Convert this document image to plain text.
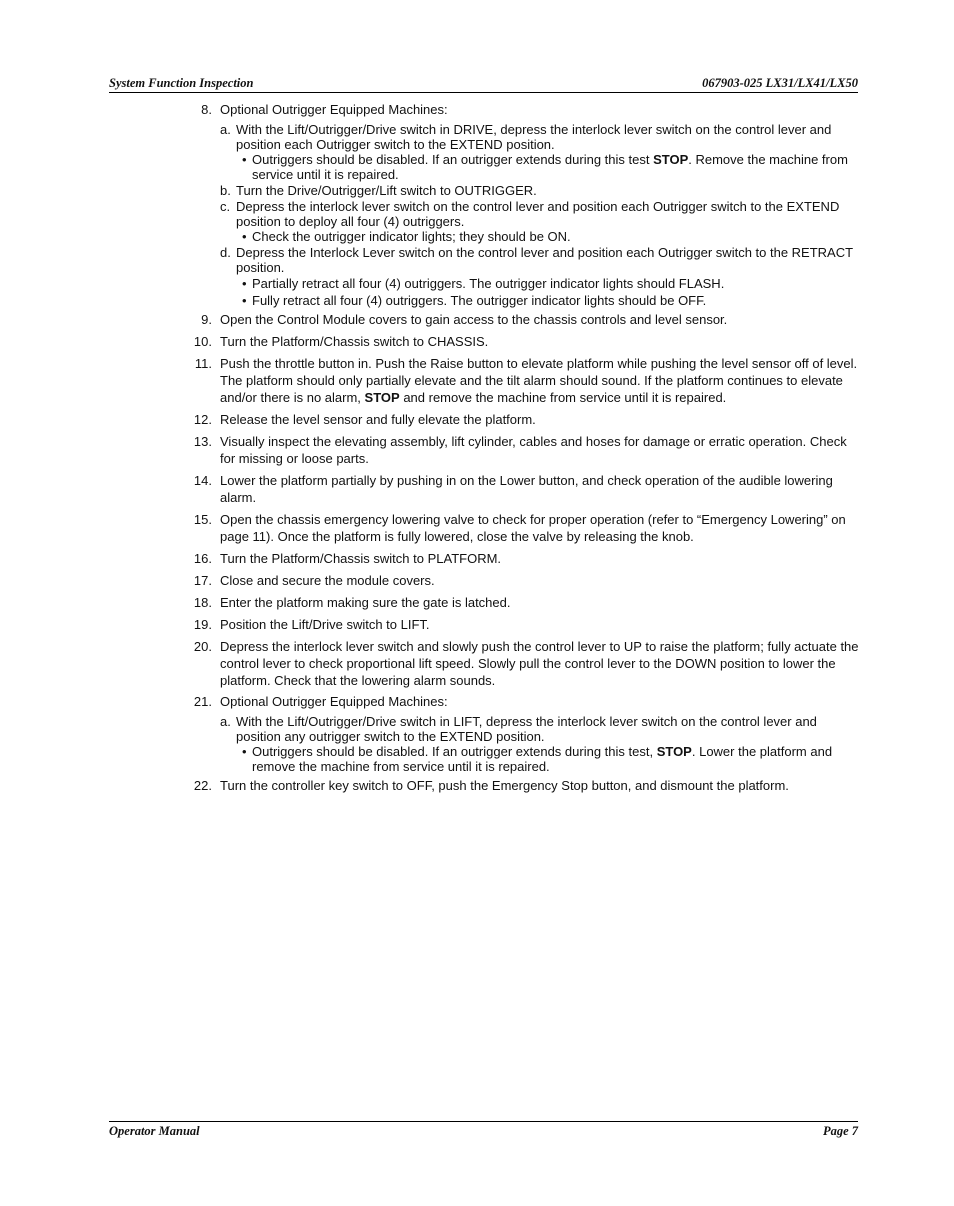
System Function Inspection	067903-025 LX31/LX41/LX50
8. Optional Outrigger Equipped Machines:
a. With the Lift/Outrigger/Drive switch in DRIVE, depress the interlock lever switch on the control lever and position each Outrigger switch to the EXTEND position.
• Outriggers should be disabled. If an outrigger extends during this test STOP. Remove the machine from service until it is repaired.
b. Turn the Drive/Outrigger/Lift switch to OUTRIGGER.
c. Depress the interlock lever switch on the control lever and position each Outrigger switch to the EXTEND position to deploy all four (4) outriggers.
• Check the outrigger indicator lights; they should be ON.
d. Depress the Interlock Lever switch on the control lever and position each Outrigger switch to the RETRACT position.
• Partially retract all four (4) outriggers. The outrigger indicator lights should FLASH.
• Fully retract all four (4) outriggers. The outrigger indicator lights should be OFF.
9. Open the Control Module covers to gain access to the chassis controls and level sensor.
10. Turn the Platform/Chassis switch to CHASSIS.
11. Push the throttle button in. Push the Raise button to elevate platform while pushing the level sensor off of level. The platform should only partially elevate and the tilt alarm should sound. If the platform continues to elevate and/or there is no alarm, STOP and remove the machine from service until it is repaired.
12. Release the level sensor and fully elevate the platform.
13. Visually inspect the elevating assembly, lift cylinder, cables and hoses for damage or erratic operation. Check for missing or loose parts.
14. Lower the platform partially by pushing in on the Lower button, and check operation of the audible lowering alarm.
15. Open the chassis emergency lowering valve to check for proper operation (refer to “Emergency Lowering” on page 11). Once the platform is fully lowered, close the valve by releasing the knob.
16. Turn the Platform/Chassis switch to PLATFORM.
17. Close and secure the module covers.
18. Enter the platform making sure the gate is latched.
19. Position the Lift/Drive switch to LIFT.
20. Depress the interlock lever switch and slowly push the control lever to UP to raise the platform; fully actuate the control lever to check proportional lift speed. Slowly pull the control lever to the DOWN position to lower the platform. Check that the lowering alarm sounds.
21. Optional Outrigger Equipped Machines:
a. With the Lift/Outrigger/Drive switch in LIFT, depress the interlock lever switch on the control lever and position any outrigger switch to the EXTEND position.
• Outriggers should be disabled. If an outrigger extends during this test, STOP. Lower the platform and remove the machine from service until it is repaired.
22. Turn the controller key switch to OFF, push the Emergency Stop button, and dismount the platform.
Operator Manual	Page 7
